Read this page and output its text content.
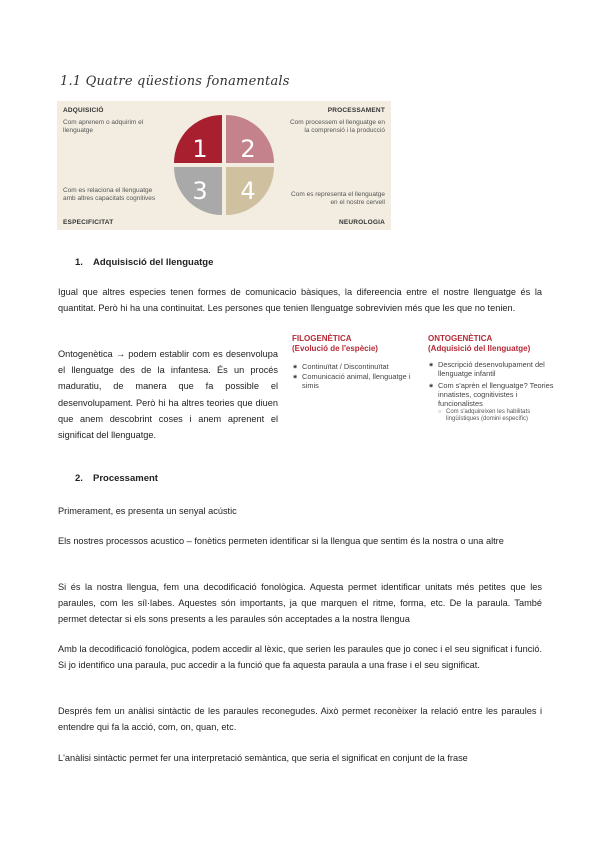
1.1 Quatre qüestions fonamentals
1 2
3 4
ADQUISICIÓ
Com aprenem o adquirim el llenguatge
PROCESSAMENT
Com processem el llenguatge en la comprensió i la producció
Com es relaciona el llenguatge amb altres capacitats cognitives
ESPECIFICITAT
Com es representa el llenguatge en el nostre cervell
NEUROLOGIA
1. Adquisisció del llenguatge
Igual que altres especies tenen formes de comunicacio bàsiques, la difereencia entre el nostre llenguatge és la quantitat. Però hi ha una continuitat. Les persones que tenien llenguatge sobrevivien més que les que no tenien.
Ontogenètica → podem establir com es desenvolupa el llenguatge des de la infantesa. És un procés maduratiu, de manera que fa possible el desenvolupament. Però hi ha altres teories que diuen que anem descobrint coses i anem aprenent el significat del llenguatge.
FILOGENÈTICA
(Evolució de l'espècie)
⁕ Continuïtat / Discontinuïtat
⁕ Comunicació animal, llenguatge i simis
ONTOGENÈTICA
(Adquisició del llenguatge)
⁕ Descripció desenvolupament del llenguatge infantil
⁕ Com s'aprèn el llenguatge? Teories innatistes, cognitivistes i funcionalistes
○ Com s'adquireixen les habilitats lingüístiques (domini específic)
2. Processament
Primerament, es presenta un senyal acústic
Els nostres processos acustico – fonètics permeten identificar si la llengua que sentim és la nostra o una altre
Si és la nostra llengua, fem una decodificació fonològica. Aquesta permet identificar unitats més petites que les paraules, com les síl·labes. Aquestes són importants, ja que marquen el ritme, forma, etc. De la paraula. També permet detectar si els sons presents a les paraules són acceptades a la nostra llengua
Amb la decodificació fonològica, podem accedir al lèxic, que serien les paraules que jo conec i el seu significat i funció. Si jo identifico una paraula, puc accedir a la funció que fa aquesta paraula a una frase i el seu significat.
Després fem un anàlisi sintàctic de les paraules reconegudes. Això permet reconèixer la relació entre les paraules i entendre qui fa la acció, com, on, quan, etc.
L'anàlisi sintàctic permet fer una interpretació semàntica, que seria el significat en conjunt de la frase
